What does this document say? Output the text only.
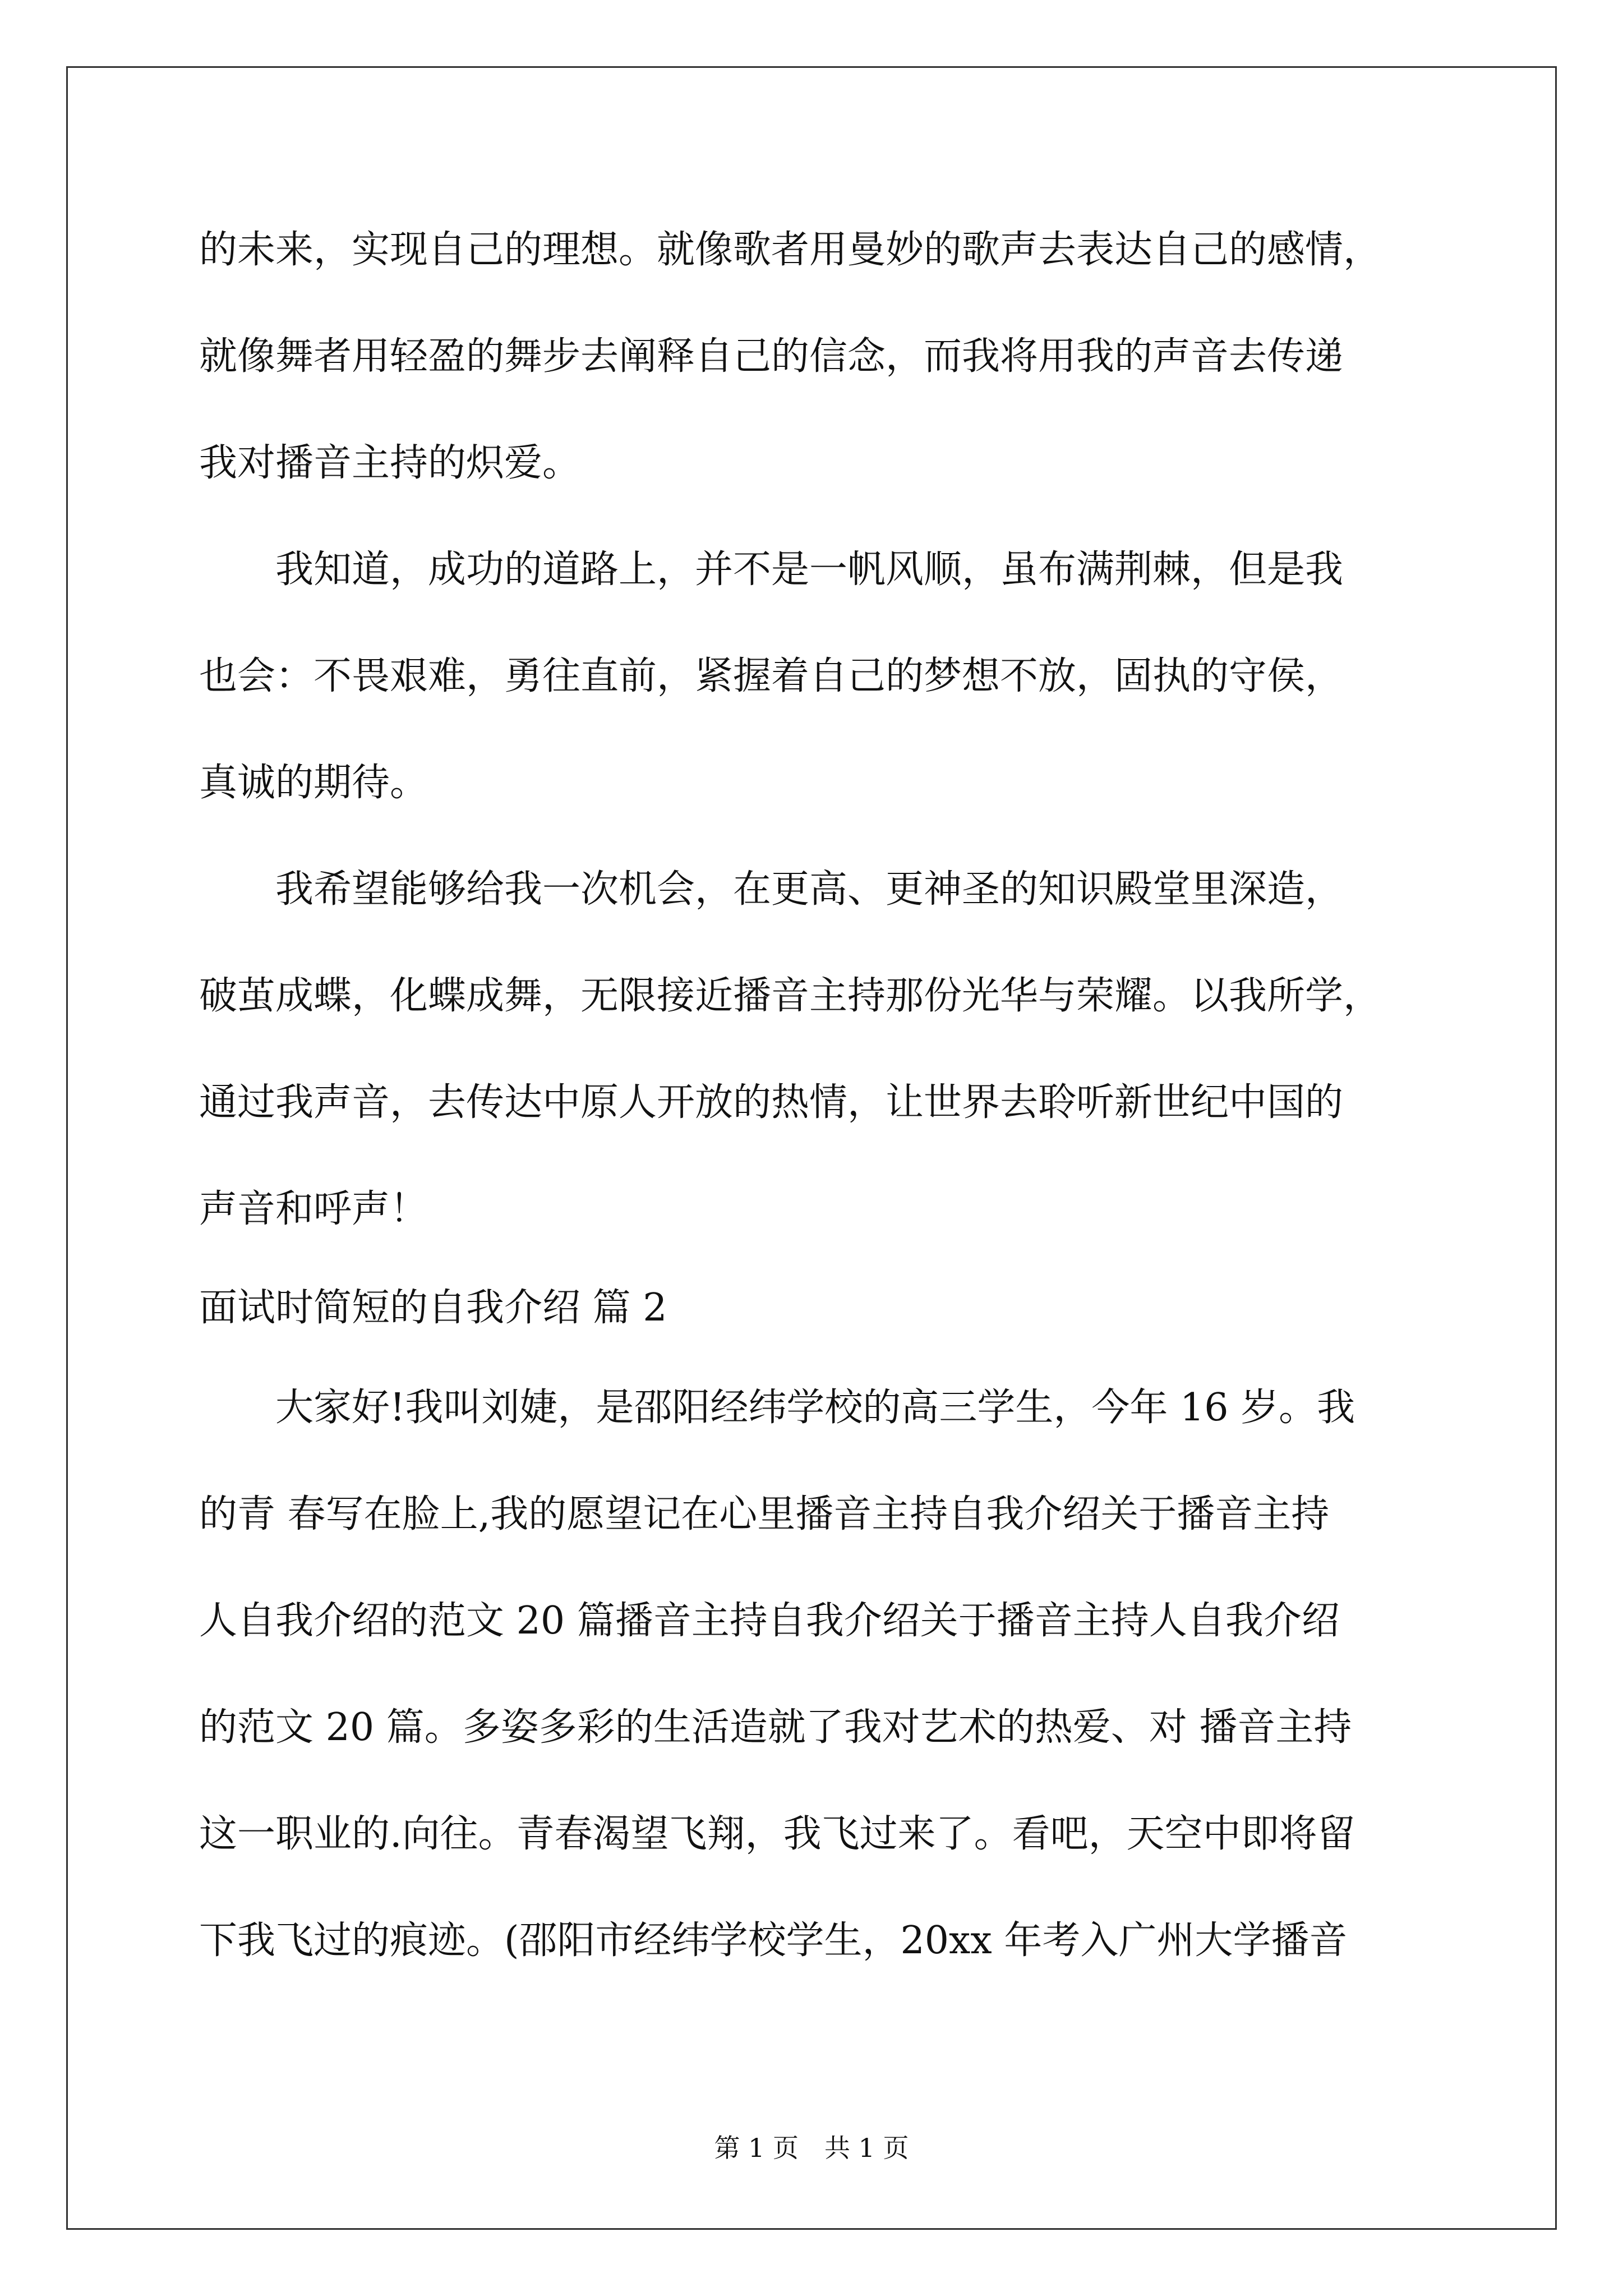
的未来，实现自己的理想。就像歌者用曼妙的歌声去表达自己的感情，
就像舞者用轻盈的舞步去阐释自己的信念，而我将用我的声音去传递
我对播音主持的炽爱。
　　我知道，成功的道路上，并不是一帆风顺，虽布满荆棘，但是我
也会：不畏艰难，勇往直前，紧握着自己的梦想不放，固执的守侯，
真诚的期待。
　　我希望能够给我一次机会，在更高、更神圣的知识殿堂里深造，
破茧成蝶，化蝶成舞，无限接近播音主持那份光华与荣耀。以我所学，
通过我声音，去传达中原人开放的热情，让世界去聆听新世纪中国的
声音和呼声！
面试时简短的自我介绍 篇 2
　　大家好!我叫刘婕，是邵阳经纬学校的高三学生，今年 16 岁。我
的青 春写在脸上,我的愿望记在心里播音主持自我介绍关于播音主持
人自我介绍的范文 20 篇播音主持自我介绍关于播音主持人自我介绍
的范文 20 篇。多姿多彩的生活造就了我对艺术的热爱、对 播音主持
这一职业的.向往。青春渴望飞翔，我飞过来了。看吧，天空中即将留
下我飞过的痕迹。(邵阳市经纬学校学生，20xx 年考入广州大学播音
第 1 页　共 1 页
